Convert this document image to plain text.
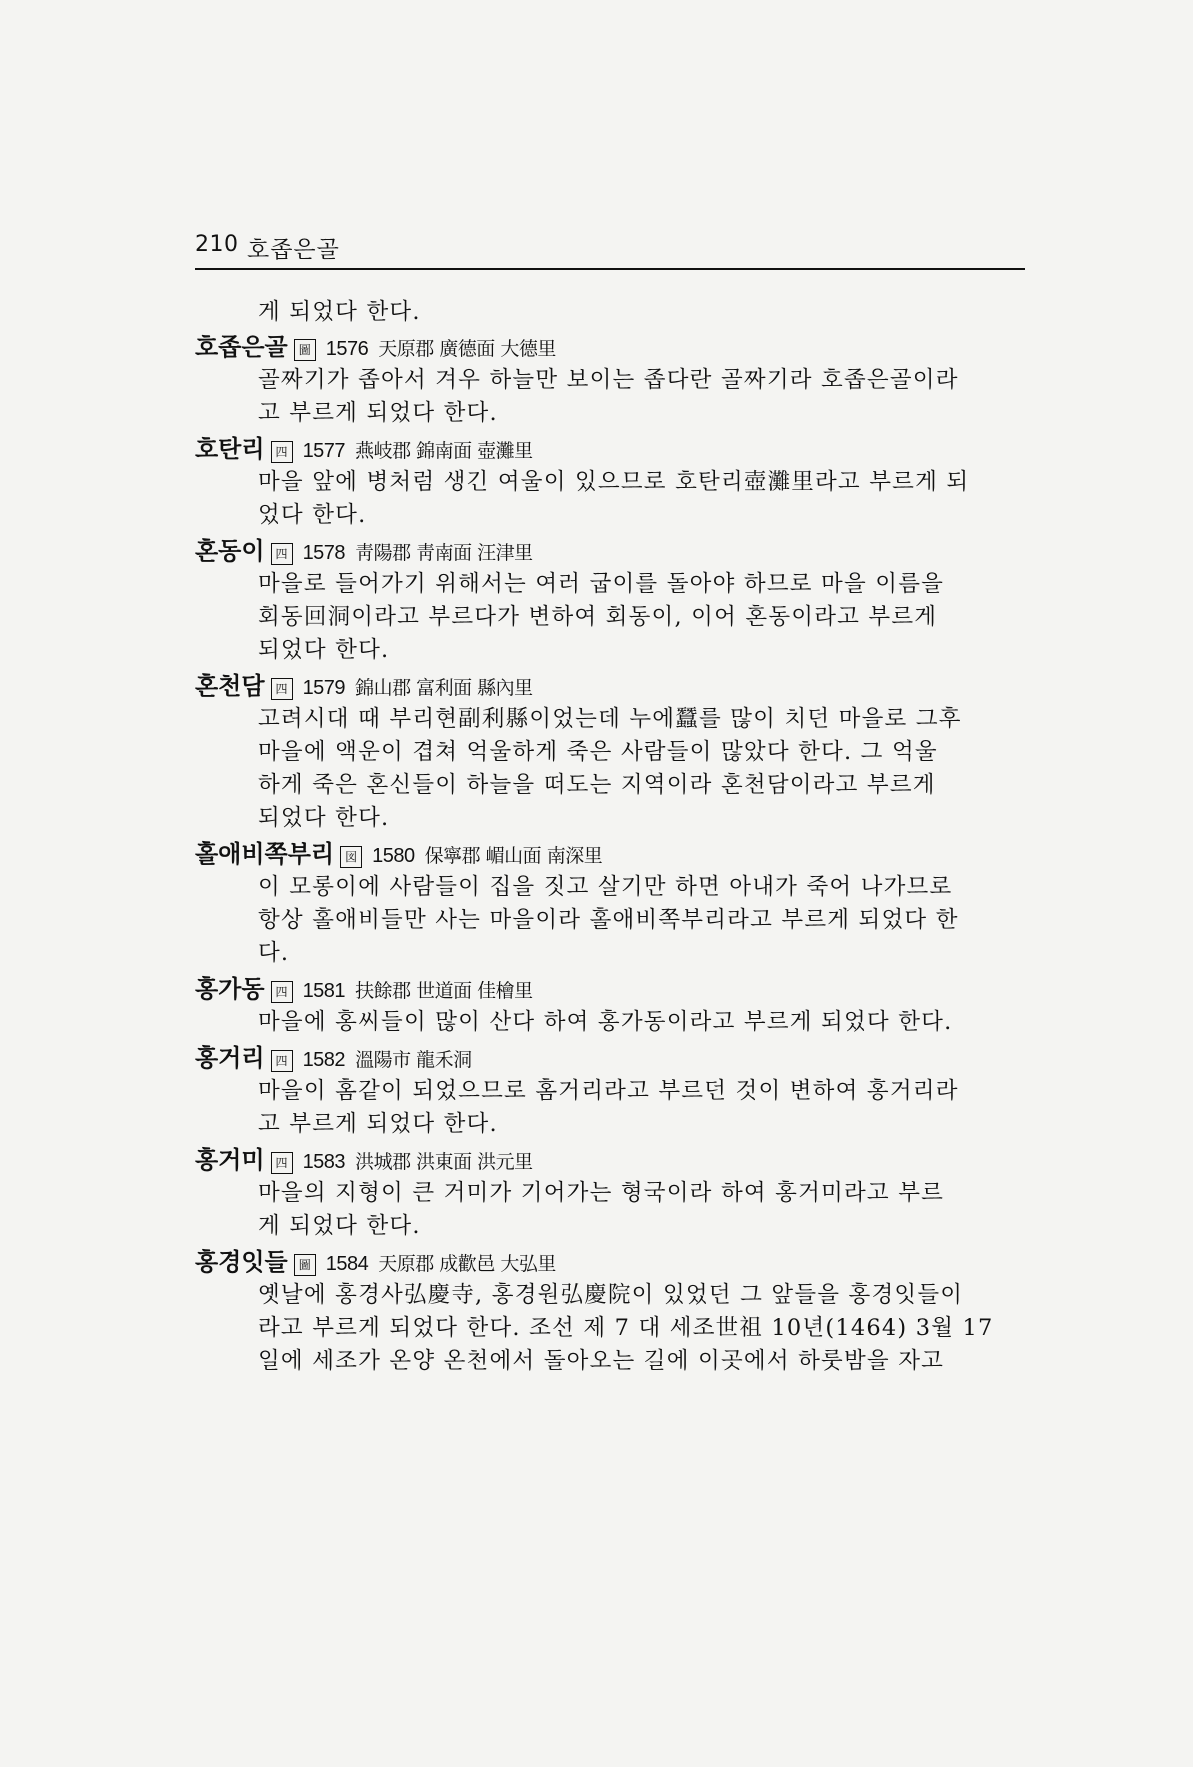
210 호좁은골
게 되었다 한다.
호좁은골 圖 1576 天原郡 廣德面 大德里
골짜기가 좁아서 겨우 하늘만 보이는 좁다란 골짜기라 호좁은골이라
고 부르게 되었다 한다.
호탄리 四 1577 燕岐郡 錦南面 壺灘里
마을 앞에 병처럼 생긴 여울이 있으므로 호탄리壺灘里라고 부르게 되
었다 한다.
혼동이 四 1578 靑陽郡 靑南面 汪津里
마을로 들어가기 위해서는 여러 굽이를 돌아야 하므로 마을 이름을
회동回洞이라고 부르다가 변하여 회동이, 이어 혼동이라고 부르게
되었다 한다.
혼천담 四 1579 錦山郡 富利面 縣內里
고려시대 때 부리현副利縣이었는데 누에蠶를 많이 치던 마을로 그후
마을에 액운이 겹쳐 억울하게 죽은 사람들이 많았다 한다. 그 억울
하게 죽은 혼신들이 하늘을 떠도는 지역이라 혼천담이라고 부르게
되었다 한다.
홀애비쪽부리 図 1580 保寧郡 嵋山面 南深里
이 모롱이에 사람들이 집을 짓고 살기만 하면 아내가 죽어 나가므로
항상 홀애비들만 사는 마을이라 홀애비쪽부리라고 부르게 되었다 한
다.
홍가동 四 1581 扶餘郡 世道面 佳檜里
마을에 홍씨들이 많이 산다 하여 홍가동이라고 부르게 되었다 한다.
홍거리 四 1582 溫陽市 龍禾洞
마을이 홈같이 되었으므로 홈거리라고 부르던 것이 변하여 홍거리라
고 부르게 되었다 한다.
홍거미 四 1583 洪城郡 洪東面 洪元里
마을의 지형이 큰 거미가 기어가는 형국이라 하여 홍거미라고 부르
게 되었다 한다.
홍경잇들 圖 1584 天原郡 成歡邑 大弘里
옛날에 홍경사弘慶寺, 홍경원弘慶院이 있었던 그 앞들을 홍경잇들이
라고 부르게 되었다 한다. 조선 제 7 대 세조世祖 10년(1464) 3월 17
일에 세조가 온양 온천에서 돌아오는 길에 이곳에서 하룻밤을 자고
